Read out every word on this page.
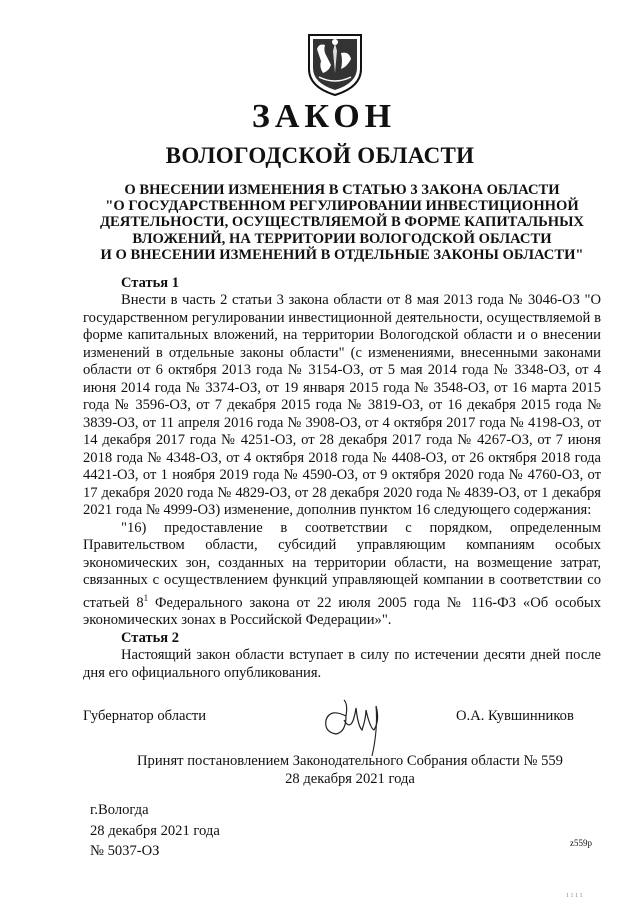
ЗАКОН
ВОЛОГОДСКОЙ ОБЛАСТИ
О ВНЕСЕНИИ ИЗМЕНЕНИЯ В СТАТЬЮ 3 ЗАКОНА ОБЛАСТИ
"О ГОСУДАРСТВЕННОМ РЕГУЛИРОВАНИИ ИНВЕСТИЦИОННОЙ
ДЕЯТЕЛЬНОСТИ, ОСУЩЕСТВЛЯЕМОЙ В ФОРМЕ КАПИТАЛЬНЫХ
ВЛОЖЕНИЙ, НА ТЕРРИТОРИИ ВОЛОГОДСКОЙ ОБЛАСТИ
И О ВНЕСЕНИИ ИЗМЕНЕНИЙ В ОТДЕЛЬНЫЕ ЗАКОНЫ ОБЛАСТИ"
Статья 1

Внести в часть 2 статьи 3 закона области от 8 мая 2013 года № 3046-ОЗ "О государственном регулировании инвестиционной деятельности, осуществляемой в форме капитальных вложений, на территории Вологодской области и о внесении изменений в отдельные законы области" (с изменениями, внесенными законами области от 6 октября 2013 года № 3154-ОЗ, от 5 мая 2014 года № 3348-ОЗ, от 4 июня 2014 года № 3374-ОЗ, от 19 января 2015 года № 3548-ОЗ, от 16 марта 2015 года № 3596-ОЗ, от 7 декабря 2015 года № 3819-ОЗ, от 16 декабря 2015 года № 3839-ОЗ, от 11 апреля 2016 года № 3908-ОЗ, от 4 октября 2017 года № 4198-ОЗ, от 14 декабря 2017 года № 4251-ОЗ, от 28 декабря 2017 года № 4267-ОЗ, от 7 июня 2018 года № 4348-ОЗ, от 4 октября 2018 года № 4408-ОЗ, от 26 октября 2018 года 4421-ОЗ, от 1 ноября 2019 года № 4590-ОЗ, от 9 октября 2020 года № 4760-ОЗ, от 17 декабря 2020 года № 4829-ОЗ, от 28 декабря 2020 года № 4839-ОЗ, от 1 декабря 2021 года № 4999-ОЗ) изменение, дополнив пунктом 16 следующего содержания:

"16) предоставление в соответствии с порядком, определенным Правительством области, субсидий управляющим компаниям особых экономических зон, созданных на территории области, на возмещение затрат, связанных с осуществлением функций управляющей компании в соответствии со статьей $8^1$ Федерального закона от 22 июля 2005 года № 116-ФЗ «Об особых экономических зонах в Российской Федерации»".

Статья 2

Настоящий закон области вступает в силу по истечении десяти дней после дня его официального опубликования.

Губернатор области	О.А. Кувшинников
Принят постановлением Законодательного Собрания области № 559
28 декабря 2021 года
г.Вологда
28 декабря 2021 года
№ 5037-ОЗ	z559p
1 1 1 1
